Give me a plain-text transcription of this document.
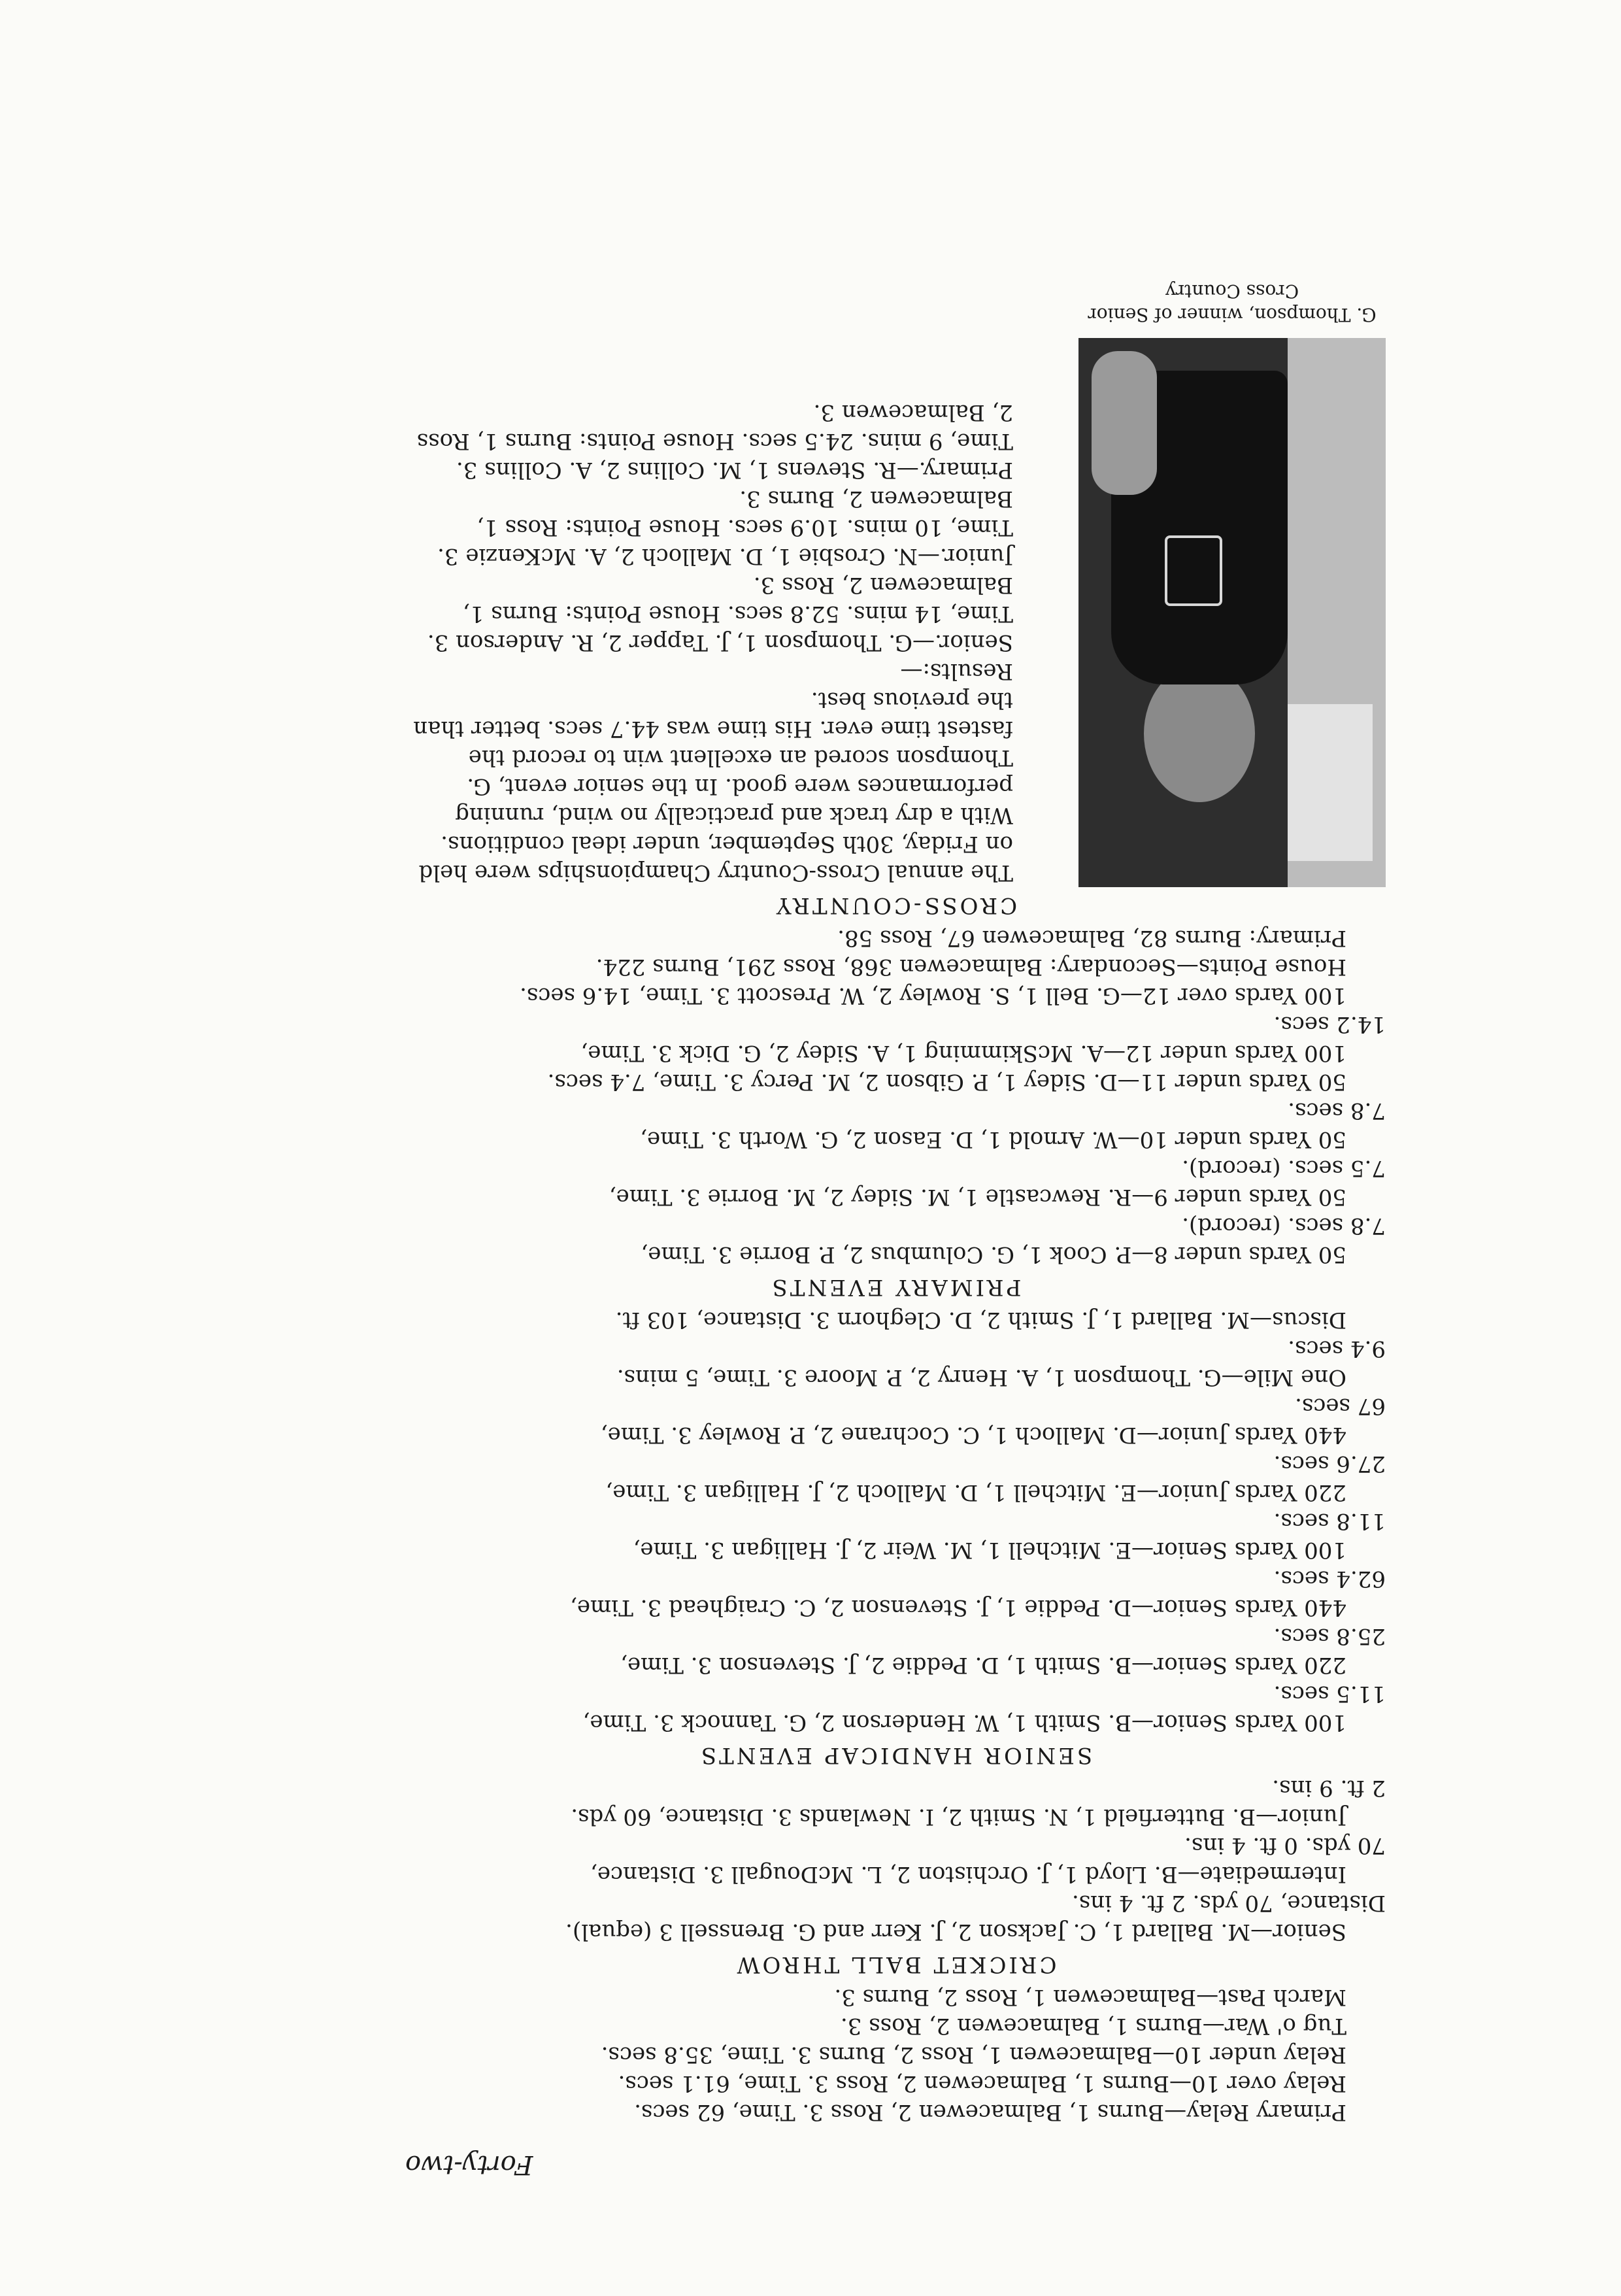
Forty-two
Primary Relay—Burns 1, Balmacewen 2, Ross 3. Time, 62 secs.
Relay over 10—Burns 1, Balmacewen 2, Ross 3. Time, 61.1 secs.
Relay under 10—Balmacewen 1, Ross 2, Burns 3. Time, 35.8 secs.
Tug o' War—Burns 1, Balmacewen 2, Ross 3.
March Past—Balmacewen 1, Ross 2, Burns 3.
CRICKET BALL THROW
Senior—M. Ballard 1, C. Jackson 2, J. Kerr and G. Brenssell 3 (equal).
Distance, 70 yds. 2 ft. 4 ins.
Intermediate—B. Lloyd 1, J. Orchiston 2, L. McDougall 3. Distance,
70 yds. 0 ft. 4 ins.
Junior—B. Butterfield 1, N. Smith 2, I. Newlands 3. Distance, 60 yds.
2 ft. 9 ins.
SENIOR HANDICAP EVENTS
100 Yards Senior—B. Smith 1, W. Henderson 2, G. Tannock 3. Time,
11.5 secs.
220 Yards Senior—B. Smith 1, D. Peddie 2, J. Stevenson 3. Time,
25.8 secs.
440 Yards Senior—D. Peddie 1, J. Stevenson 2, C. Craighead 3. Time,
62.4 secs.
100 Yards Senior—E. Mitchell 1, M. Weir 2, J. Halligan 3. Time,
11.8 secs.
220 Yards Junior—E. Mitchell 1, D. Malloch 2, J. Halligan 3. Time,
27.6 secs.
440 Yards Junior—D. Malloch 1, C. Cochrane 2, P. Rowley 3. Time,
67 secs.
One Mile—G. Thompson 1, A. Henry 2, P. Moore 3. Time, 5 mins.
9.4 secs.
Discus—M. Ballard 1, J. Smith 2, D. Cleghorn 3. Distance, 103 ft.
PRIMARY EVENTS
50 Yards under 8—P. Cook 1, G. Columbus 2, P. Borrie 3. Time,
7.8 secs. (record).
50 Yards under 9—R. Rewcastle 1, M. Sidey 2, M. Borrie 3. Time,
7.5 secs. (record).
50 Yards under 10—W. Arnold 1, D. Eason 2, G. Worth 3. Time,
7.8 secs.
50 Yards under 11—D. Sidey 1, P. Gibson 2, M. Percy 3. Time, 7.4 secs.
100 Yards under 12—A. McSkimming 1, A. Sidey 2, G. Dick 3. Time,
14.2 secs.
100 Yards over 12—G. Bell 1, S. Rowley 2, W. Prescott 3. Time, 14.6 secs.
House Points—Secondary: Balmacewen 368, Ross 291, Burns 224.
Primary: Burns 82, Balmacewen 67, Ross 58.
CROSS-COUNTRY
G. Thompson, winner of Senior Cross Country
The annual Cross-Country Championships were held on Friday, 30th September, under ideal conditions. With a dry track and practically no wind, running performances were good. In the senior event, G. Thompson scored an excellent win to record the fastest time ever. His time was 44.7 secs. better than the previous best.
Results:—
Senior.—G. Thompson 1, J. Tapper 2, R. Anderson 3. Time, 14 mins. 52.8 secs. House Points: Burns 1, Balmacewen 2, Ross 3.
Junior.—N. Crosbie 1, D. Malloch 2, A. McKenzie 3. Time, 10 mins. 10.9 secs. House Points: Ross 1, Balmacewen 2, Burns 3.
Primary.—R. Stevens 1, M. Collins 2, A. Collins 3. Time, 9 mins. 24.5 secs. House Points: Burns 1, Ross 2, Balmacewen 3.
